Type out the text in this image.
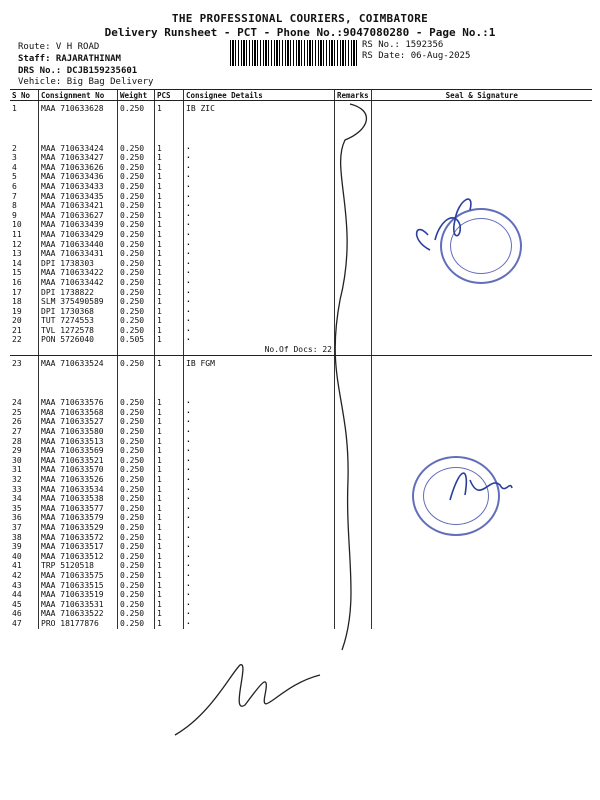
THE PROFESSIONAL COURIERS, COIMBATORE
Delivery Runsheet - PCT - Phone No.:9047080280 - Page No.:1
Route: V H ROAD
Staff: RAJARATHINAM
DRS No.: DCJB159235601
Vehicle: Big Bag Delivery
RS No.: 1592356
RS Date: 06-Aug-2025
S No	Consignment No	Weight	PCS	Consignee Details	Remarks	Seal & Signature
1	MAA 710633628	0.250	1	IB ZIC		

2	MAA 710633424	0.250	1	·		
3	MAA 710633427	0.250	1	·		
4	MAA 710633626	0.250	1	·		
5	MAA 710633436	0.250	1	·		
6	MAA 710633433	0.250	1	·		
7	MAA 710633435	0.250	1	·		
8	MAA 710633421	0.250	1	·		
9	MAA 710633627	0.250	1	·		
10	MAA 710633439	0.250	1	·		
11	MAA 710633429	0.250	1	·		
12	MAA 710633440	0.250	1	·		
13	MAA 710633431	0.250	1	·		
14	DPI 1738303	0.250	1	·		
15	MAA 710633422	0.250	1	·		
16	MAA 710633442	0.250	1	·		
17	DPI 1738822	0.250	1	·		
18	SLM 375490589	0.250	1	·		
19	DPI 1730368	0.250	1	·		
20	TUT 7274553	0.250	1	·		
21	TVL 1272578	0.250	1	·		
22	PON 5726040	0.505	1	·		
				No.Of Docs: 22		
23	MAA 710633524	0.250	1	IB FGM		

24	MAA 710633576	0.250	1	·		
25	MAA 710633568	0.250	1	·		
26	MAA 710633527	0.250	1	·		
27	MAA 710633580	0.250	1	·		
28	MAA 710633513	0.250	1	·		
29	MAA 710633569	0.250	1	·		
30	MAA 710633521	0.250	1	·		
31	MAA 710633570	0.250	1	·		
32	MAA 710633526	0.250	1	·		
33	MAA 710633534	0.250	1	·		
34	MAA 710633538	0.250	1	·		
35	MAA 710633577	0.250	1	·		
36	MAA 710633579	0.250	1	·		
37	MAA 710633529	0.250	1	·		
38	MAA 710633572	0.250	1	·		
39	MAA 710633517	0.250	1	·		
40	MAA 710633512	0.250	1	·		
41	TRP 5120518	0.250	1	·		
42	MAA 710633575	0.250	1	·		
43	MAA 710633515	0.250	1	·		
44	MAA 710633519	0.250	1	·		
45	MAA 710633531	0.250	1	·		
46	MAA 710633522	0.250	1	·		
47	PRO 18177876	0.250	1	·		
